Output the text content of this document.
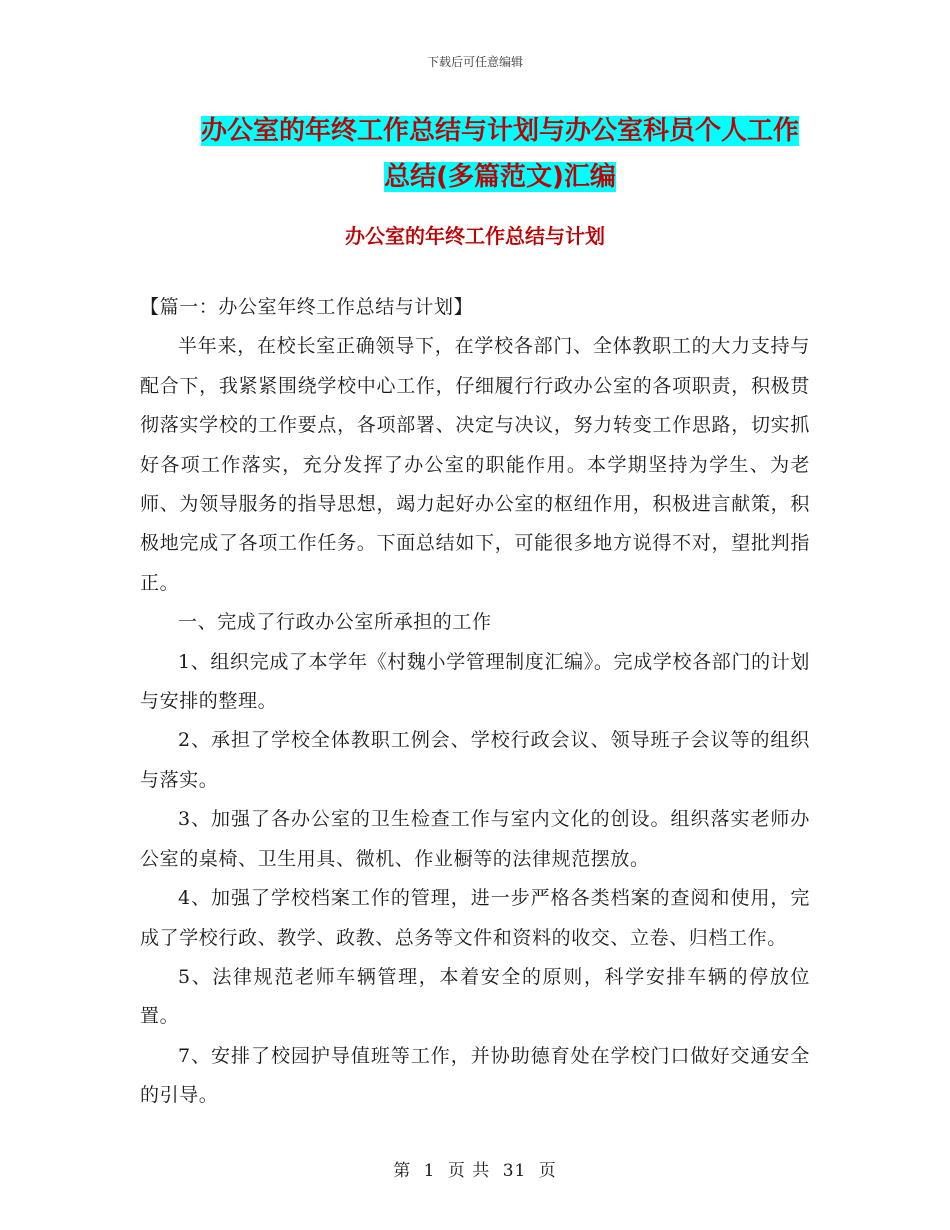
下载后可任意编辑
办公室的年终工作总结与计划与办公室科员个人工作
总结(多篇范文)汇编
办公室的年终工作总结与计划

【篇一：办公室年终工作总结与计划】

半年来，在校长室正确领导下，在学校各部门、全体教职工的大力支持与配合下，我紧紧围绕学校中心工作，仔细履行行政办公室的各项职责，积极贯彻落实学校的工作要点，各项部署、决定与决议，努力转变工作思路，切实抓好各项工作落实，充分发挥了办公室的职能作用。本学期坚持为学生、为老师、为领导服务的指导思想，竭力起好办公室的枢纽作用，积极进言献策，积极地完成了各项工作任务。下面总结如下，可能很多地方说得不对，望批判指正。

一、完成了行政办公室所承担的工作

1、组织完成了本学年《村魏小学管理制度汇编》。完成学校各部门的计划与安排的整理。

2、承担了学校全体教职工例会、学校行政会议、领导班子会议等的组织与落实。

3、加强了各办公室的卫生检查工作与室内文化的创设。组织落实老师办公室的桌椅、卫生用具、微机、作业橱等的法律规范摆放。

4、加强了学校档案工作的管理，进一步严格各类档案的查阅和使用，完成了学校行政、教学、政教、总务等文件和资料的收交、立卷、归档工作。

5、法律规范老师车辆管理，本着安全的原则，科学安排车辆的停放位置。

7、安排了校园护导值班等工作，并协助德育处在学校门口做好交通安全的引导。

第 1 页 共 31 页
